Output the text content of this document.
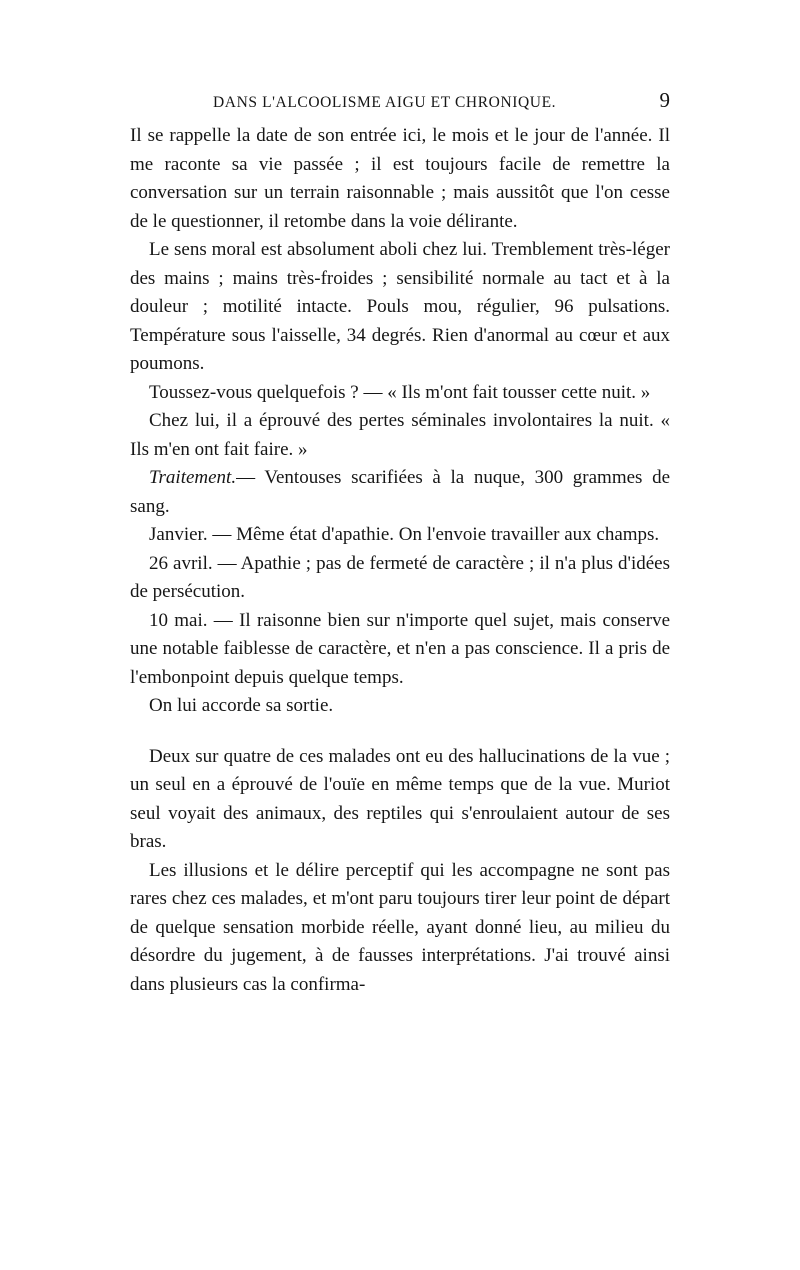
DANS L'ALCOOLISME AIGU ET CHRONIQUE.	9

Il se rappelle la date de son entrée ici, le mois et le jour de l'année. Il me raconte sa vie passée ; il est toujours facile de remettre la conversation sur un terrain raisonnable ; mais aussitôt que l'on cesse de le questionner, il retombe dans la voie délirante.

Le sens moral est absolument aboli chez lui. Tremblement très-léger des mains ; mains très-froides ; sensibilité normale au tact et à la douleur ; motilité intacte. Pouls mou, régulier, 96 pulsations. Température sous l'aisselle, 34 degrés. Rien d'anormal au cœur et aux poumons.

Toussez-vous quelquefois ? — « Ils m'ont fait tousser cette nuit. »

Chez lui, il a éprouvé des pertes séminales involontaires la nuit. « Ils m'en ont fait faire. »

Traitement.— Ventouses scarifiées à la nuque, 300 grammes de sang.

Janvier. — Même état d'apathie. On l'envoie travailler aux champs.

26 avril. — Apathie ; pas de fermeté de caractère ; il n'a plus d'idées de persécution.

10 mai. — Il raisonne bien sur n'importe quel sujet, mais conserve une notable faiblesse de caractère, et n'en a pas conscience. Il a pris de l'embonpoint depuis quelque temps.

On lui accorde sa sortie.

Deux sur quatre de ces malades ont eu des hallucinations de la vue ; un seul en a éprouvé de l'ouïe en même temps que de la vue. Muriot seul voyait des animaux, des reptiles qui s'enroulaient autour de ses bras.

Les illusions et le délire perceptif qui les accompagne ne sont pas rares chez ces malades, et m'ont paru toujours tirer leur point de départ de quelque sensation morbide réelle, ayant donné lieu, au milieu du désordre du jugement, à de fausses interprétations. J'ai trouvé ainsi dans plusieurs cas la confirma-
